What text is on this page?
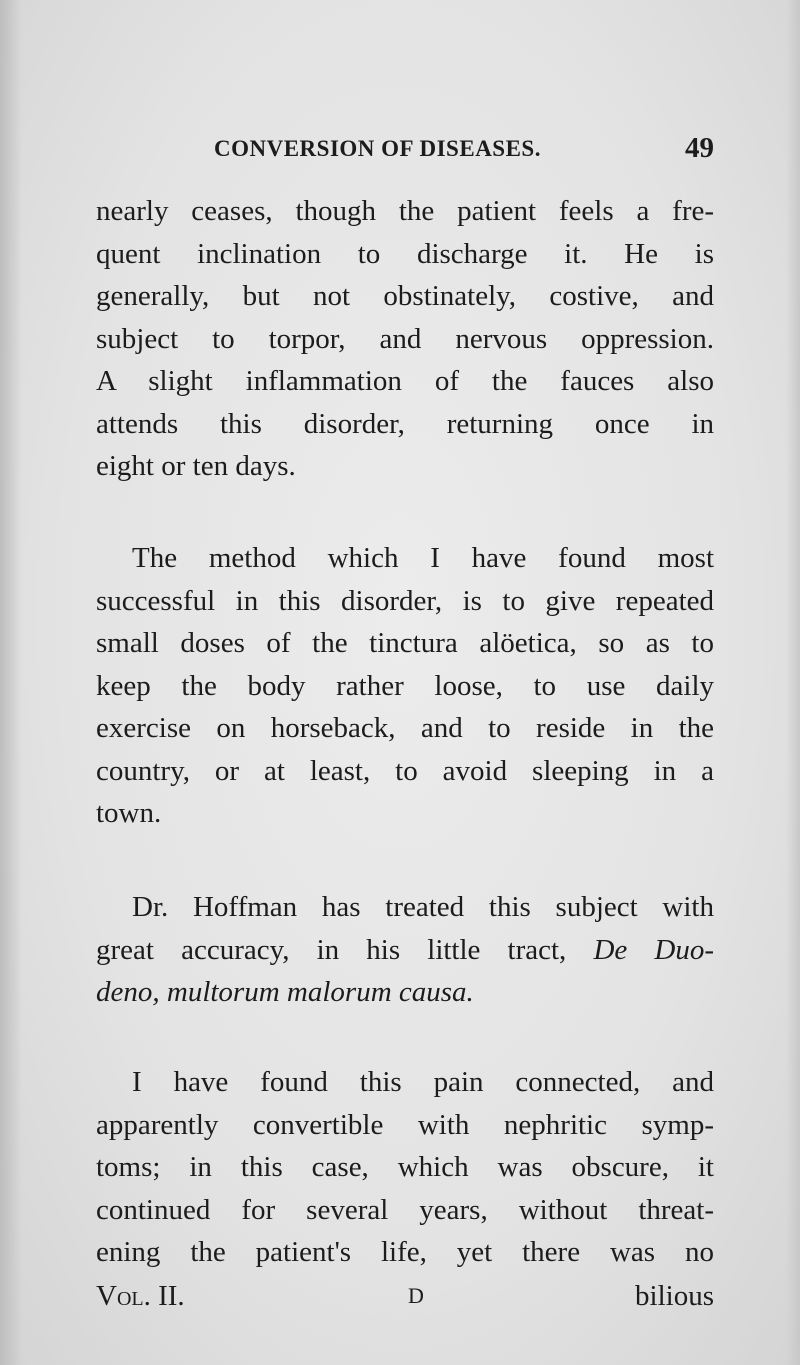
CONVERSION OF DISEASES.	49
nearly ceases, though the patient feels a fre-
quent inclination to discharge it. He is
generally, but not obstinately, costive, and
subject to torpor, and nervous oppression.
A slight inflammation of the fauces also
attends this disorder, returning once in
eight or ten days.
The method which I have found most
successful in this disorder, is to give repeated
small doses of the tinctura alöetica, so as to
keep the body rather loose, to use daily
exercise on horseback, and to reside in the
country, or at least, to avoid sleeping in a
town.
Dr. Hoffman has treated this subject with
great accuracy, in his little tract, De Duo-
deno, multorum malorum causa.
I have found this pain connected, and
apparently convertible with nephritic symp-
toms; in this case, which was obscure, it
continued for several years, without threat-
ening the patient's life, yet there was no
Vol. II.	D	bilious
